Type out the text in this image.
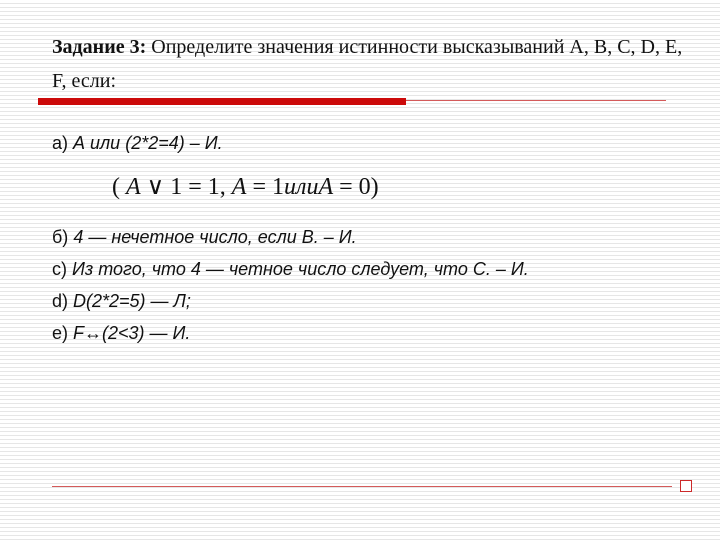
Задание 3: Определите значения истинности высказываний A, B, C, D, E, F, если:
а) А или (2*2=4) – И.
( A ∨ 1 = 1, A = 1илиA = 0)
б) 4 — нечетное число, если В. – И.
с) Из того, что 4 — четное число следует, что С. – И.
d) D(2*2=5) — Л;
е) F↔(2<3) — И.
